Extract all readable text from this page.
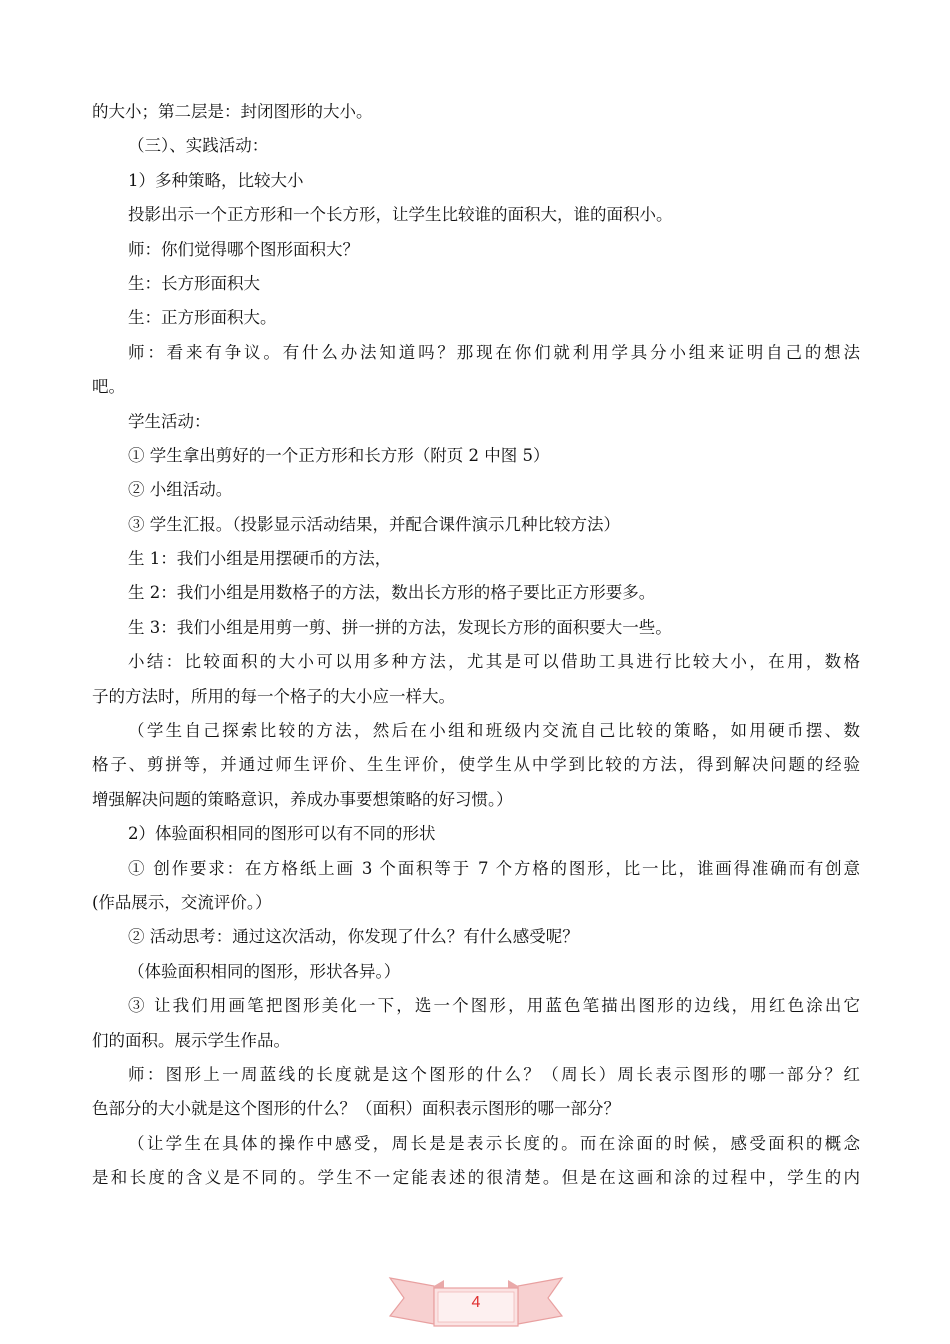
的大小；第二层是：封闭图形的大小。
（三）、实践活动：
1）多种策略，比较大小
投影出示一个正方形和一个长方形，让学生比较谁的面积大，谁的面积小。
师：你们觉得哪个图形面积大？
生：长方形面积大
生：正方形面积大。
师：看来有争议。有什么办法知道吗？那现在你们就利用学具分小组来证明自己的想法
吧。
学生活动：
① 学生拿出剪好的一个正方形和长方形（附页 2 中图 5）
② 小组活动。
③ 学生汇报。（投影显示活动结果，并配合课件演示几种比较方法）
生 1：我们小组是用摆硬币的方法，
生 2：我们小组是用数格子的方法，数出长方形的格子要比正方形要多。
生 3：我们小组是用剪一剪、拼一拼的方法，发现长方形的面积要大一些。
小结：比较面积的大小可以用多种方法，尤其是可以借助工具进行比较大小，在用，数格
子的方法时，所用的每一个格子的大小应一样大。
（学生自己探索比较的方法，然后在小组和班级内交流自己比较的策略，如用硬币摆、数
格子、剪拼等，并通过师生评价、生生评价，使学生从中学到比较的方法，得到解决问题的经验
增强解决问题的策略意识，养成办事要想策略的好习惯。）
2）体验面积相同的图形可以有不同的形状
① 创作要求：在方格纸上画 3 个面积等于 7 个方格的图形，比一比，谁画得准确而有创意
(作品展示，交流评价。）
② 活动思考：通过这次活动，你发现了什么？有什么感受呢？
（体验面积相同的图形，形状各异。）
③ 让我们用画笔把图形美化一下，选一个图形，用蓝色笔描出图形的边线，用红色涂出它
们的面积。展示学生作品。
师：图形上一周蓝线的长度就是这个图形的什么？（周长）周长表示图形的哪一部分？红
色部分的大小就是这个图形的什么？（面积）面积表示图形的哪一部分？
（让学生在具体的操作中感受，周长是是表示长度的。而在涂面的时候，感受面积的概念
是和长度的含义是不同的。学生不一定能表述的很清楚。但是在这画和涂的过程中，学生的内
4
